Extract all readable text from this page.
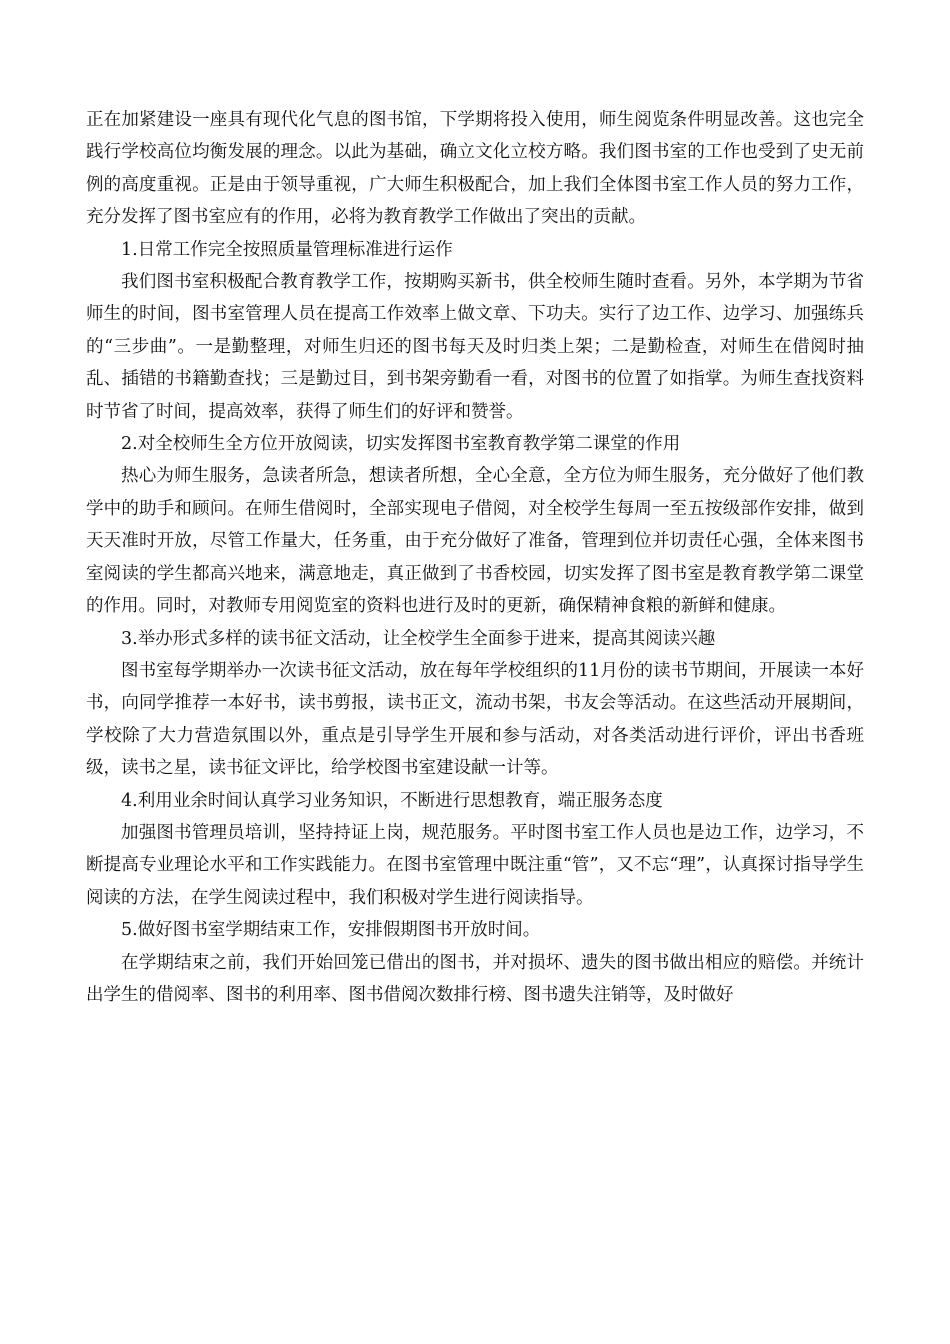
正在加紧建设一座具有现代化气息的图书馆，下学期将投入使用，师生阅览条件明显改善。这也完全践行学校高位均衡发展的理念。以此为基础，确立文化立校方略。我们图书室的工作也受到了史无前例的高度重视。正是由于领导重视，广大师生积极配合，加上我们全体图书室工作人员的努力工作，充分发挥了图书室应有的作用，必将为教育教学工作做出了突出的贡献。

1.日常工作完全按照质量管理标准进行运作

我们图书室积极配合教育教学工作，按期购买新书，供全校师生随时查看。另外，本学期为节省师生的时间，图书室管理人员在提高工作效率上做文章、下功夫。实行了边工作、边学习、加强练兵的“三步曲”。一是勤整理，对师生归还的图书每天及时归类上架；二是勤检查，对师生在借阅时抽乱、插错的书籍勤查找；三是勤过目，到书架旁勤看一看，对图书的位置了如指掌。为师生查找资料时节省了时间，提高效率，获得了师生们的好评和赞誉。

2.对全校师生全方位开放阅读，切实发挥图书室教育教学第二课堂的作用

热心为师生服务，急读者所急，想读者所想，全心全意，全方位为师生服务，充分做好了他们教学中的助手和顾问。在师生借阅时，全部实现电子借阅，对全校学生每周一至五按级部作安排，做到天天准时开放，尽管工作量大，任务重，由于充分做好了准备，管理到位并切责任心强，全体来图书室阅读的学生都高兴地来，满意地走，真正做到了书香校园，切实发挥了图书室是教育教学第二课堂的作用。同时，对教师专用阅览室的资料也进行及时的更新，确保精神食粮的新鲜和健康。

3.举办形式多样的读书征文活动，让全校学生全面参于进来，提高其阅读兴趣

图书室每学期举办一次读书征文活动，放在每年学校组织的11月份的读书节期间，开展读一本好书，向同学推荐一本好书，读书剪报，读书正文，流动书架，书友会等活动。在这些活动开展期间，学校除了大力营造氛围以外，重点是引导学生开展和参与活动，对各类活动进行评价，评出书香班级，读书之星，读书征文评比，给学校图书室建设献一计等。

4.利用业余时间认真学习业务知识，不断进行思想教育，端正服务态度

加强图书管理员培训，坚持持证上岗，规范服务。平时图书室工作人员也是边工作，边学习，不断提高专业理论水平和工作实践能力。在图书室管理中既注重“管”，又不忘“理”，认真探讨指导学生阅读的方法，在学生阅读过程中，我们积极对学生进行阅读指导。

5.做好图书室学期结束工作，安排假期图书开放时间。

在学期结束之前，我们开始回笼已借出的图书，并对损坏、遗失的图书做出相应的赔偿。并统计出学生的借阅率、图书的利用率、图书借阅次数排行榜、图书遗失注销等，及时做好
